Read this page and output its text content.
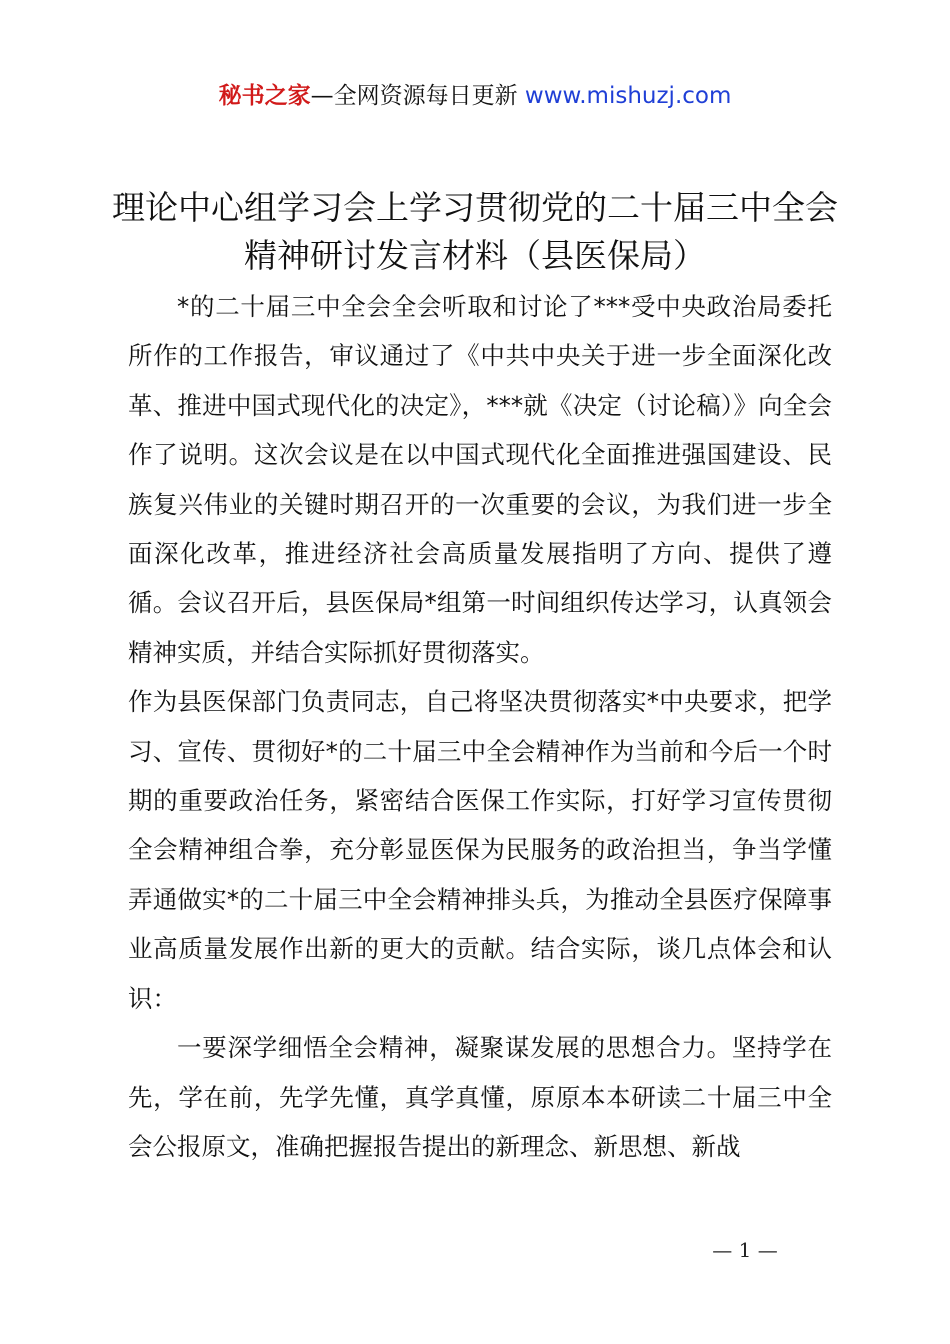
秘书之家—全网资源每日更新 www.mishuzj.com
理论中心组学习会上学习贯彻党的二十届三中全会精神研讨发言材料（县医保局）

*的二十届三中全会全会听取和讨论了***受中央政治局委托所作的工作报告，审议通过了《中共中央关于进一步全面深化改革、推进中国式现代化的决定》，***就《决定（讨论稿）》向全会作了说明。这次会议是在以中国式现代化全面推进强国建设、民族复兴伟业的关键时期召开的一次重要的会议，为我们进一步全面深化改革，推进经济社会高质量发展指明了方向、提供了遵循。会议召开后，县医保局*组第一时间组织传达学习，认真领会精神实质，并结合实际抓好贯彻落实。

作为县医保部门负责同志，自己将坚决贯彻落实*中央要求，把学习、宣传、贯彻好*的二十届三中全会精神作为当前和今后一个时期的重要政治任务，紧密结合医保工作实际，打好学习宣传贯彻全会精神组合拳，充分彰显医保为民服务的政治担当，争当学懂弄通做实*的二十届三中全会精神排头兵，为推动全县医疗保障事业高质量发展作出新的更大的贡献。结合实际，谈几点体会和认识：

一要深学细悟全会精神，凝聚谋发展的思想合力。坚持学在先，学在前，先学先懂，真学真懂，原原本本研读二十届三中全会公报原文，准确把握报告提出的新理念、新思想、新战

— 1 —
